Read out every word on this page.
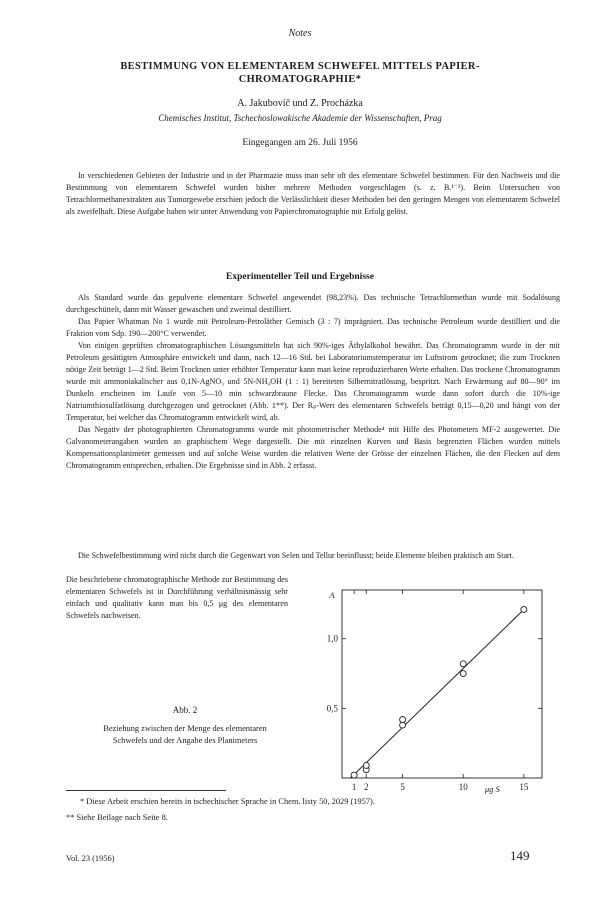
Notes
BESTIMMUNG VON ELEMENTAREM SCHWEFEL MITTELS PAPIER-CHROMATOGRAPHIE*
A. Jakubovič und Z. Procházka
Chemisches Institut, Tschechoslowakische Akademie der Wissenschaften, Prag
Eingegangen am 26. Juli 1956

In verschiedenen Gebieten der Industrie und in der Pharmazie muss man sehr oft des elementare Schwefel bestimmen. Für den Nachweis und die Bestimmung von elementarem Schwefel wurden bisher mehrere Methoden vorgeschlagen (s. z. B.¹⁻³). Beim Untersuchen von Tetrachlormethanextrakten aus Tumorgewebe erschien jedoch die Verlässlichkeit dieser Methoden bei den geringen Mengen von elementarem Schwefel als zweifelhaft. Diese Aufgabe haben wir unter Anwendung von Papierchromatographie mit Erfolg gelöst.

Experimenteller Teil und Ergebnisse

Als Standard wurde das gepulverte elementare Schwefel angewendet (98,23%). Das technische Tetrachlormethan wurde mit Sodalösung durchgeschüttelt, dann mit Wasser gewaschen und zweimal destilliert.

Das Papier Whatman No 1 wurde mit Petroleum-Petroläther Gemisch (3 : 7) imprägniert. Das technische Petroleum wurde destilliert und die Fraktion vom Sdp. 190—200°C verwendet.

Von einigen geprüften chromatographischen Lösungsmitteln hat sich 90%-iges Äthylalkohol bewährt. Das Chromatogramm wurde in der mit Petroleum gesättigten Atmosphäre entwickelt und dann, nach 12—16 Std. bei Laboratoriumstemperatur im Luftstrom getrocknet; die zum Trocknen nötige Zeit beträgt 1—2 Std. Beim Trocknen unter erhöhter Temperatur kann man keine reproduzierbaren Werte erhalten. Das trockene Chromatogramm wurde mit ammoniakalischer aus 0,1N-AgNO₃ und 5N-NH₄OH (1 : 1) bereiteten Silbernitratlösung, bespritzt. Nach Erwärmung auf 80—90° im Dunkeln erscheinen im Laufe von 5—10 min schwarzbraune Flecke. Das Chromatogramm wurde dann sofort durch die 10%-ige Natriumthiosulfatlösung durchgezogen und getrocknet (Abb. 1**). Der Rₚ-Wert des elementaren Schwefels beträgt 0,15—0,20 und hängt von der Temperatur, bei welcher das Chromatogramm entwickelt wird, ab.

Das Negativ der photographierten Chromatogramms wurde mit photometrischer Methode⁴ mit Hilfe des Photometers MF-2 ausgewertet. Die Galvanometerangaben wurden an graphischem Wege dargestellt. Die mit einzelnen Kurven und Basis begrenzten Flächen wurden mittels Kompensationsplanimeter gemessen und auf solche Weise wurden die relativen Werte der Grösse der einzelnen Flächen, die den Flecken auf dem Chromatogramm entsprechen, erhalten. Die Ergebnisse sind in Abb. 2 erfasst.

Die Schwefelbestimmung wird nicht durch die Gegenwart von Selen und Tellur beeinflusst; beide Elemente bleiben praktisch am Start.

Die beschriebene chromatographische Methode zur Bestimmung des elementaren Schwefels ist in Durchführung verhältnismässig sehr einfach und qualitativ kann man bis 0,5 μg des elementaren Schwefels nachweisen.

Abb. 2
Beziehung zwischen der Menge des elementaren Schwefels und der Angabe des Planimeters
1 2	5	10	15
0,5
1,0
A
μg S
* Diese Arbeit erschien bereits in tschechischer Sprache in Chem. listy 50, 2029 (1957).
** Siehe Beilage nach Seite 8.
Vol. 23 (1956)	149
